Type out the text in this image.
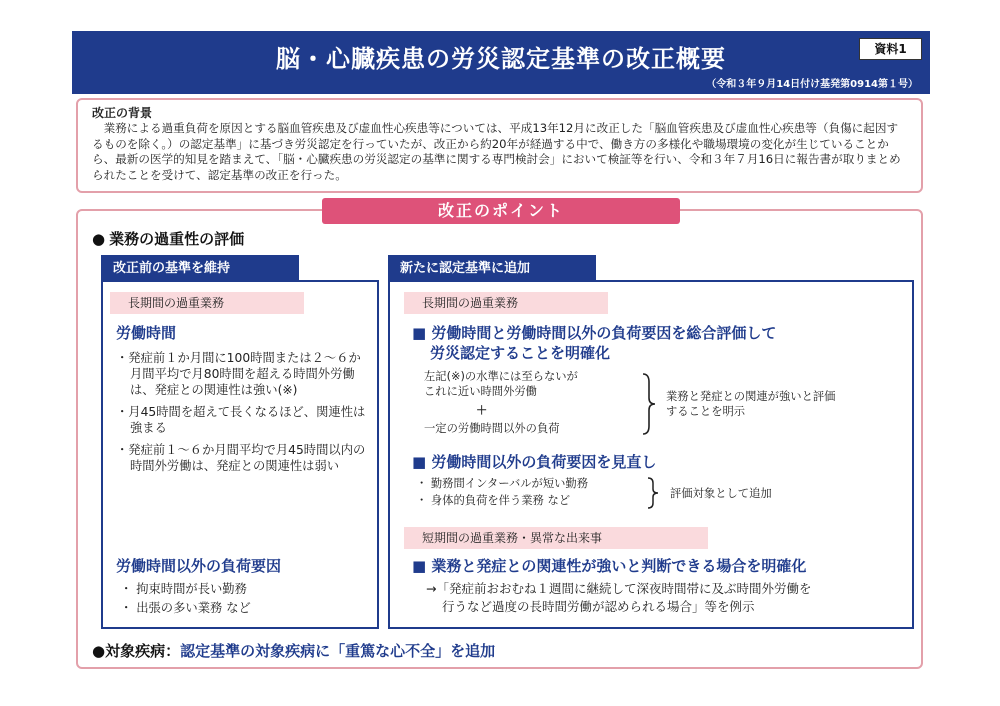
脳・心臓疾患の労災認定基準の改正概要
（令和３年９月14日付け基発第0914第１号）
資料1
改正の背景
業務による過重負荷を原因とする脳血管疾患及び虚血性心疾患等については、平成13年12月に改正した「脳血管疾患及び虚血性心疾患等（負傷に起因するものを除く。）の認定基準」に基づき労災認定を行っていたが、改正から約20年が経過する中で、働き方の多様化や職場環境の変化が生じていることから、最新の医学的知見を踏まえて、「脳・心臓疾患の労災認定の基準に関する専門検討会」において検証等を行い、令和３年７月16日に報告書が取りまとめられたことを受けて、認定基準の改正を行った。
改正のポイント
● 業務の過重性の評価
改正前の基準を維持
長期間の過重業務
労働時間
・発症前１か月間に100時間または２～６か月間平均で月80時間を超える時間外労働は、発症との関連性は強い(※)
・月45時間を超えて長くなるほど、関連性は強まる
・発症前１～６か月間平均で月45時間以内の時間外労働は、発症との関連性は弱い
労働時間以外の負荷要因
・ 拘束時間が長い勤務
・ 出張の多い業務 など
新たに認定基準に追加
長期間の過重業務
■ 労働時間と労働時間以外の負荷要因を総合評価して
労災認定することを明確化
左記(※)の水準には至らないが
これに近い時間外労働
＋
一定の労働時間以外の負荷
業務と発症との関連が強いと評価
することを明示
■ 労働時間以外の負荷要因を見直し
・ 勤務間インターバルが短い勤務
・ 身体的負荷を伴う業務 など
評価対象として追加
短期間の過重業務・異常な出来事
■ 業務と発症との関連性が強いと判断できる場合を明確化
→「発症前おおむね１週間に継続して深夜時間帯に及ぶ時間外労働を
行うなど過度の長時間労働が認められる場合」等を例示
●対象疾病：認定基準の対象疾病に「重篤な心不全」を追加
